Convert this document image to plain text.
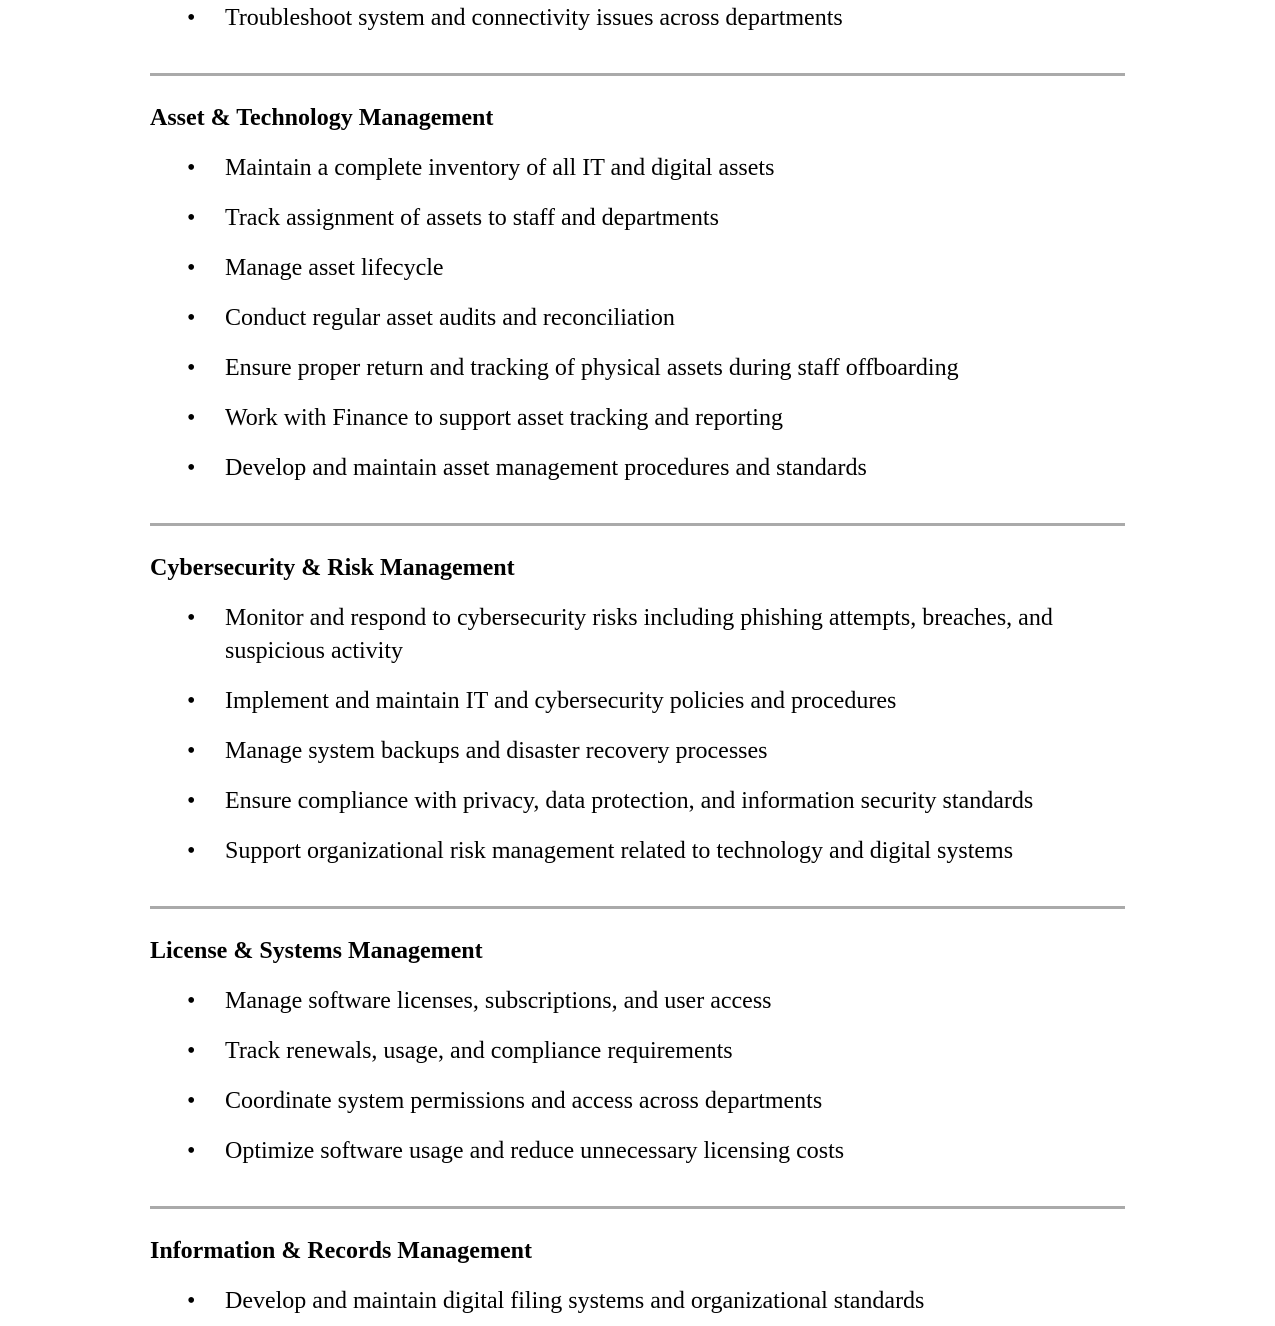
• Troubleshoot system and connectivity issues across departments

Asset & Technology Management
• Maintain a complete inventory of all IT and digital assets

• Track assignment of assets to staff and departments

• Manage asset lifecycle

• Conduct regular asset audits and reconciliation

• Ensure proper return and tracking of physical assets during staff offboarding

• Work with Finance to support asset tracking and reporting

• Develop and maintain asset management procedures and standards

Cybersecurity & Risk Management
• Monitor and respond to cybersecurity risks including phishing attempts, breaches, and suspicious activity

• Implement and maintain IT and cybersecurity policies and procedures

• Manage system backups and disaster recovery processes

• Ensure compliance with privacy, data protection, and information security standards

• Support organizational risk management related to technology and digital systems

License & Systems Management
• Manage software licenses, subscriptions, and user access

• Track renewals, usage, and compliance requirements

• Coordinate system permissions and access across departments

• Optimize software usage and reduce unnecessary licensing costs

Information & Records Management
• Develop and maintain digital filing systems and organizational standards
